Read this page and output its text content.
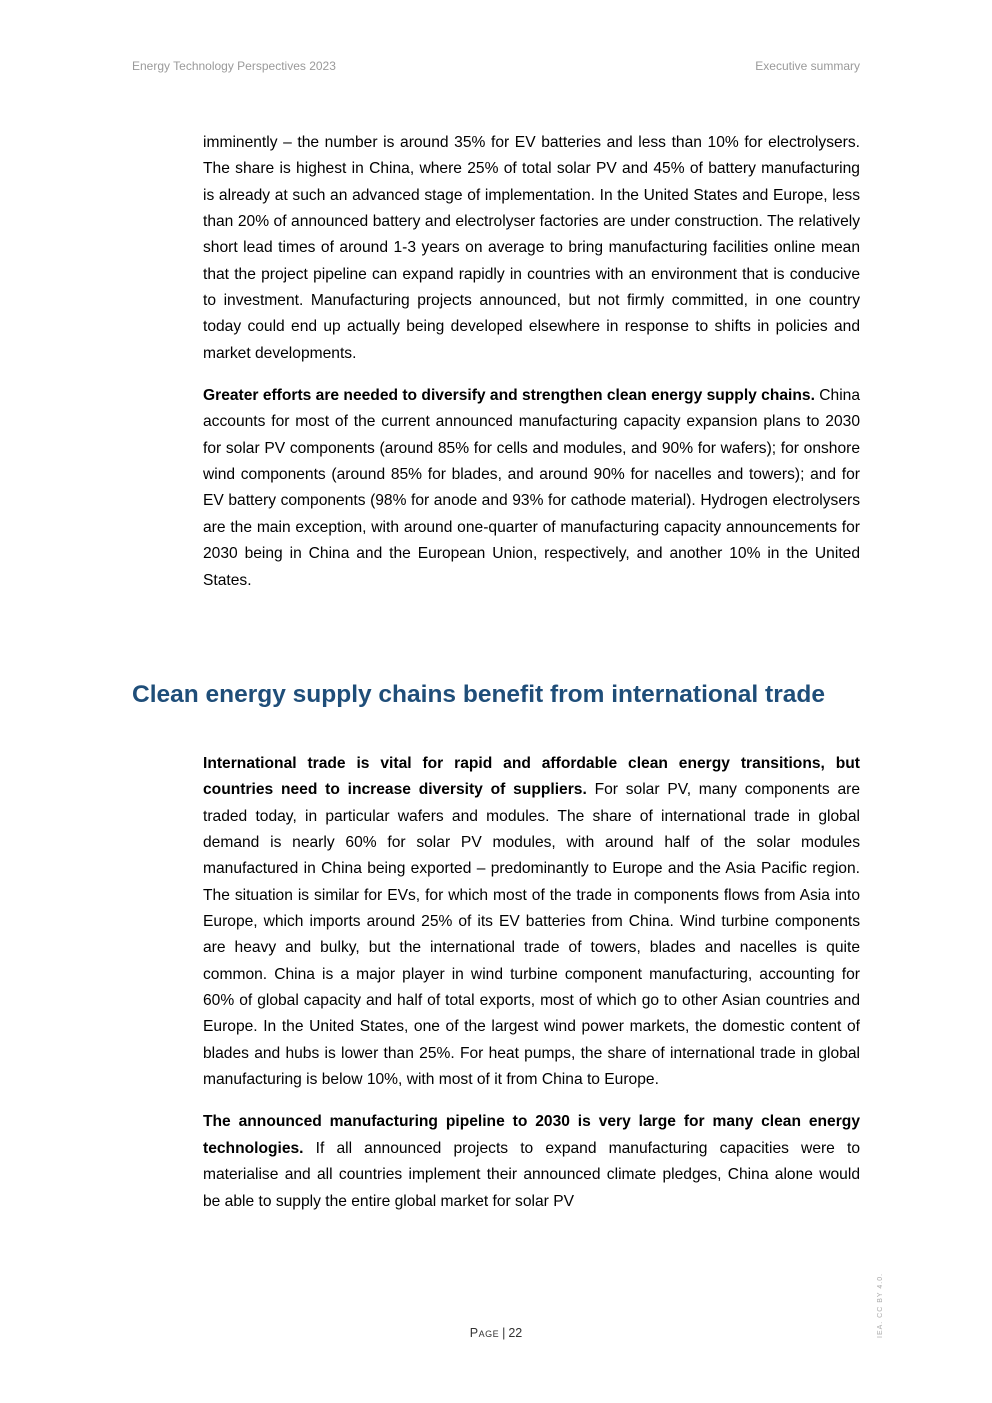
Energy Technology Perspectives 2023	Executive summary

imminently – the number is around 35% for EV batteries and less than 10% for electrolysers. The share is highest in China, where 25% of total solar PV and 45% of battery manufacturing is already at such an advanced stage of implementation. In the United States and Europe, less than 20% of announced battery and electrolyser factories are under construction. The relatively short lead times of around 1-3 years on average to bring manufacturing facilities online mean that the project pipeline can expand rapidly in countries with an environment that is conducive to investment. Manufacturing projects announced, but not firmly committed, in one country today could end up actually being developed elsewhere in response to shifts in policies and market developments.

Greater efforts are needed to diversify and strengthen clean energy supply chains. China accounts for most of the current announced manufacturing capacity expansion plans to 2030 for solar PV components (around 85% for cells and modules, and 90% for wafers); for onshore wind components (around 85% for blades, and around 90% for nacelles and towers); and for EV battery components (98% for anode and 93% for cathode material). Hydrogen electrolysers are the main exception, with around one-quarter of manufacturing capacity announcements for 2030 being in China and the European Union, respectively, and another 10% in the United States.

Clean energy supply chains benefit from international trade

International trade is vital for rapid and affordable clean energy transitions, but countries need to increase diversity of suppliers. For solar PV, many components are traded today, in particular wafers and modules. The share of international trade in global demand is nearly 60% for solar PV modules, with around half of the solar modules manufactured in China being exported – predominantly to Europe and the Asia Pacific region. The situation is similar for EVs, for which most of the trade in components flows from Asia into Europe, which imports around 25% of its EV batteries from China. Wind turbine components are heavy and bulky, but the international trade of towers, blades and nacelles is quite common. China is a major player in wind turbine component manufacturing, accounting for 60% of global capacity and half of total exports, most of which go to other Asian countries and Europe. In the United States, one of the largest wind power markets, the domestic content of blades and hubs is lower than 25%. For heat pumps, the share of international trade in global manufacturing is below 10%, with most of it from China to Europe.

The announced manufacturing pipeline to 2030 is very large for many clean energy technologies. If all announced projects to expand manufacturing capacities were to materialise and all countries implement their announced climate pledges, China alone would be able to supply the entire global market for solar PV

Page | 22	IEA. CC BY 4.0.
